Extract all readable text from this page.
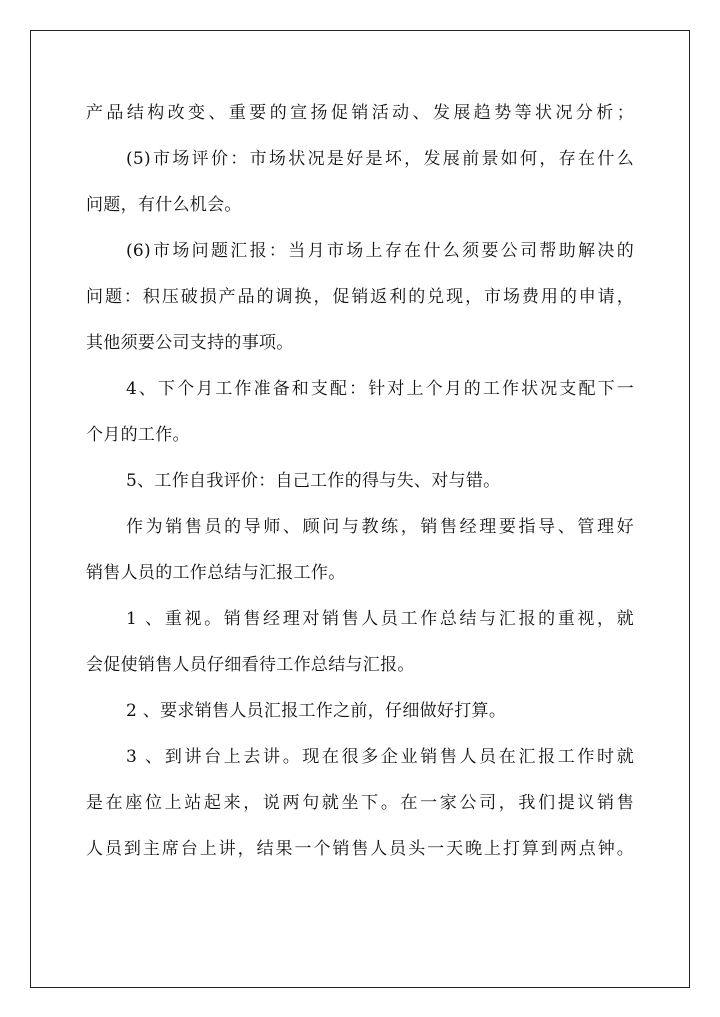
产品结构改变、重要的宣扬促销活动、发展趋势等状况分析；
(5)市场评价：市场状况是好是坏，发展前景如何，存在什么
问题，有什么机会。
(6)市场问题汇报：当月市场上存在什么须要公司帮助解决的
问题：积压破损产品的调换，促销返利的兑现，市场费用的申请，
其他须要公司支持的事项。
4、下个月工作准备和支配：针对上个月的工作状况支配下一
个月的工作。
5、工作自我评价：自己工作的得与失、对与错。
作为销售员的导师、顾问与教练，销售经理要指导、管理好
销售人员的工作总结与汇报工作。
1 、重视。销售经理对销售人员工作总结与汇报的重视，就
会促使销售人员仔细看待工作总结与汇报。
2 、要求销售人员汇报工作之前，仔细做好打算。
3 、到讲台上去讲。现在很多企业销售人员在汇报工作时就
是在座位上站起来，说两句就坐下。在一家公司，我们提议销售
人员到主席台上讲，结果一个销售人员头一天晚上打算到两点钟。
